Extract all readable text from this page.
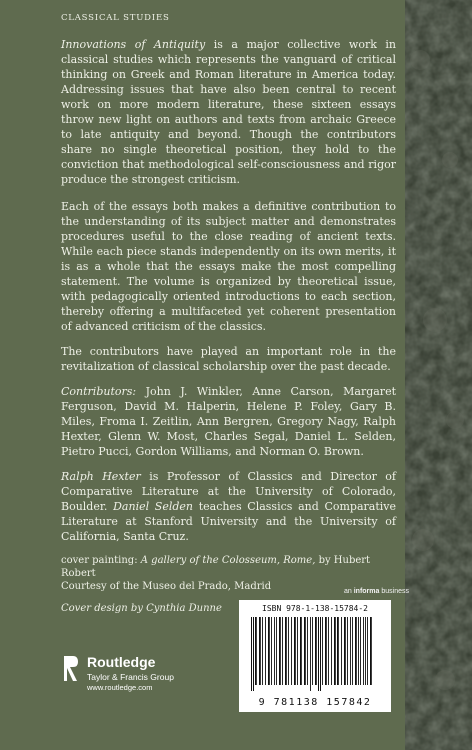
CLASSICAL STUDIES

Innovations of Antiquity is a major collective work in classical studies which represents the vanguard of critical thinking on Greek and Roman literature in America today. Addressing issues that have also been central to recent work on more modern literature, these sixteen essays throw new light on authors and texts from archaic Greece to late antiquity and beyond. Though the contributors share no single theoretical position, they hold to the conviction that methodological self-consciousness and rigor produce the strongest criticism.

Each of the essays both makes a definitive contribution to the understanding of its subject matter and demonstrates procedures useful to the close reading of ancient texts. While each piece stands independently on its own merits, it is as a whole that the essays make the most compelling statement. The volume is organized by theoretical issue, with pedagogically oriented introductions to each section, thereby offering a multifaceted yet coherent presentation of advanced criticism of the classics.

The contributors have played an important role in the revitalization of classical scholarship over the past decade.

Contributors: John J. Winkler, Anne Carson, Margaret Ferguson, David M. Halperin, Helene P. Foley, Gary B. Miles, Froma I. Zeitlin, Ann Bergren, Gregory Nagy, Ralph Hexter, Glenn W. Most, Charles Segal, Daniel L. Selden, Pietro Pucci, Gordon Williams, and Norman O. Brown.

Ralph Hexter is Professor of Classics and Director of Comparative Literature at the University of Colorado, Boulder. Daniel Selden teaches Classics and Comparative Literature at Stanford University and the University of California, Santa Cruz.

cover painting: A gallery of the Colosseum, Rome, by Hubert Robert
Courtesy of the Museo del Prado, Madrid
Cover design by Cynthia Dunne
an informa business
ISBN 978-1-138-15784-2
9 781138 157842
Routledge
Taylor & Francis Group
www.routledge.com
